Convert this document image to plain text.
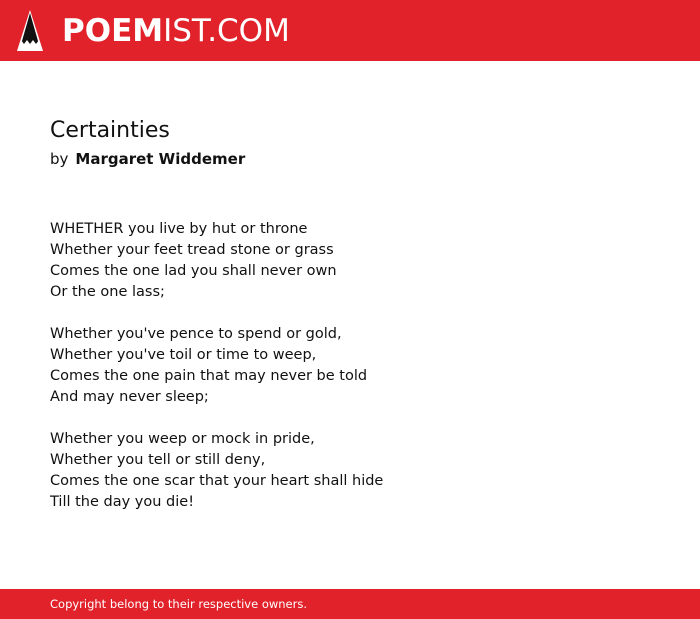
POEMIST.COM
Certainties
by Margaret Widdemer
WHETHER you live by hut or throne
Whether your feet tread stone or grass
Comes the one lad you shall never own
Or the one lass;
Whether you've pence to spend or gold,
Whether you've toil or time to weep,
Comes the one pain that may never be told
And may never sleep;
Whether you weep or mock in pride,
Whether you tell or still deny,
Comes the one scar that your heart shall hide
Till the day you die!
Copyright belong to their respective owners.
